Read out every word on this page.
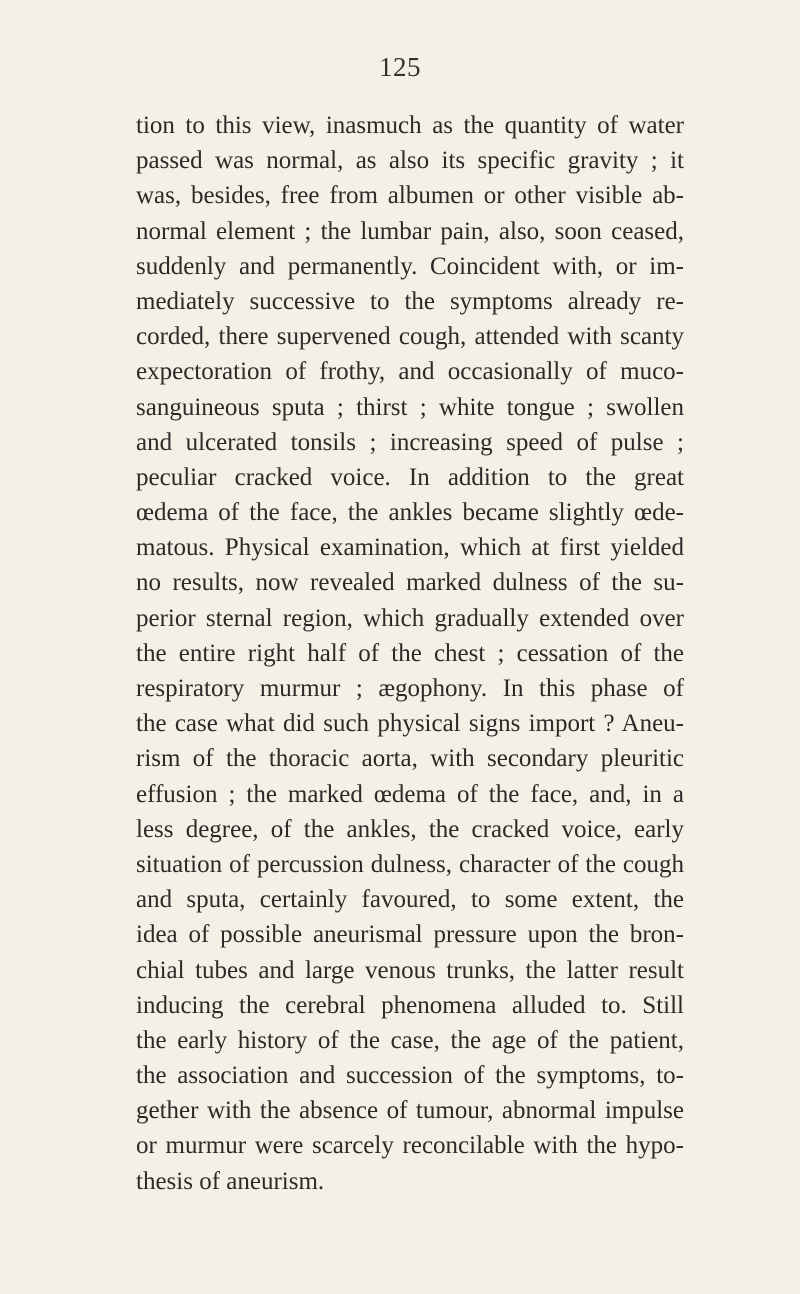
125
tion to this view, inasmuch as the quantity of water
passed was normal, as also its specific gravity ; it
was, besides, free from albumen or other visible ab-
normal element ; the lumbar pain, also, soon ceased,
suddenly and permanently. Coincident with, or im-
mediately successive to the symptoms already re-
corded, there supervened cough, attended with scanty
expectoration of frothy, and occasionally of muco-
sanguineous sputa ; thirst ; white tongue ; swollen
and ulcerated tonsils ; increasing speed of pulse ;
peculiar cracked voice. In addition to the great
œdema of the face, the ankles became slightly œde-
matous. Physical examination, which at first yielded
no results, now revealed marked dulness of the su-
perior sternal region, which gradually extended over
the entire right half of the chest ; cessation of the
respiratory murmur ; ægophony. In this phase of
the case what did such physical signs import ? Aneu-
rism of the thoracic aorta, with secondary pleuritic
effusion ; the marked œdema of the face, and, in a
less degree, of the ankles, the cracked voice, early
situation of percussion dulness, character of the cough
and sputa, certainly favoured, to some extent, the
idea of possible aneurismal pressure upon the bron-
chial tubes and large venous trunks, the latter result
inducing the cerebral phenomena alluded to. Still
the early history of the case, the age of the patient,
the association and succession of the symptoms, to-
gether with the absence of tumour, abnormal impulse
or murmur were scarcely reconcilable with the hypo-
thesis of aneurism.
